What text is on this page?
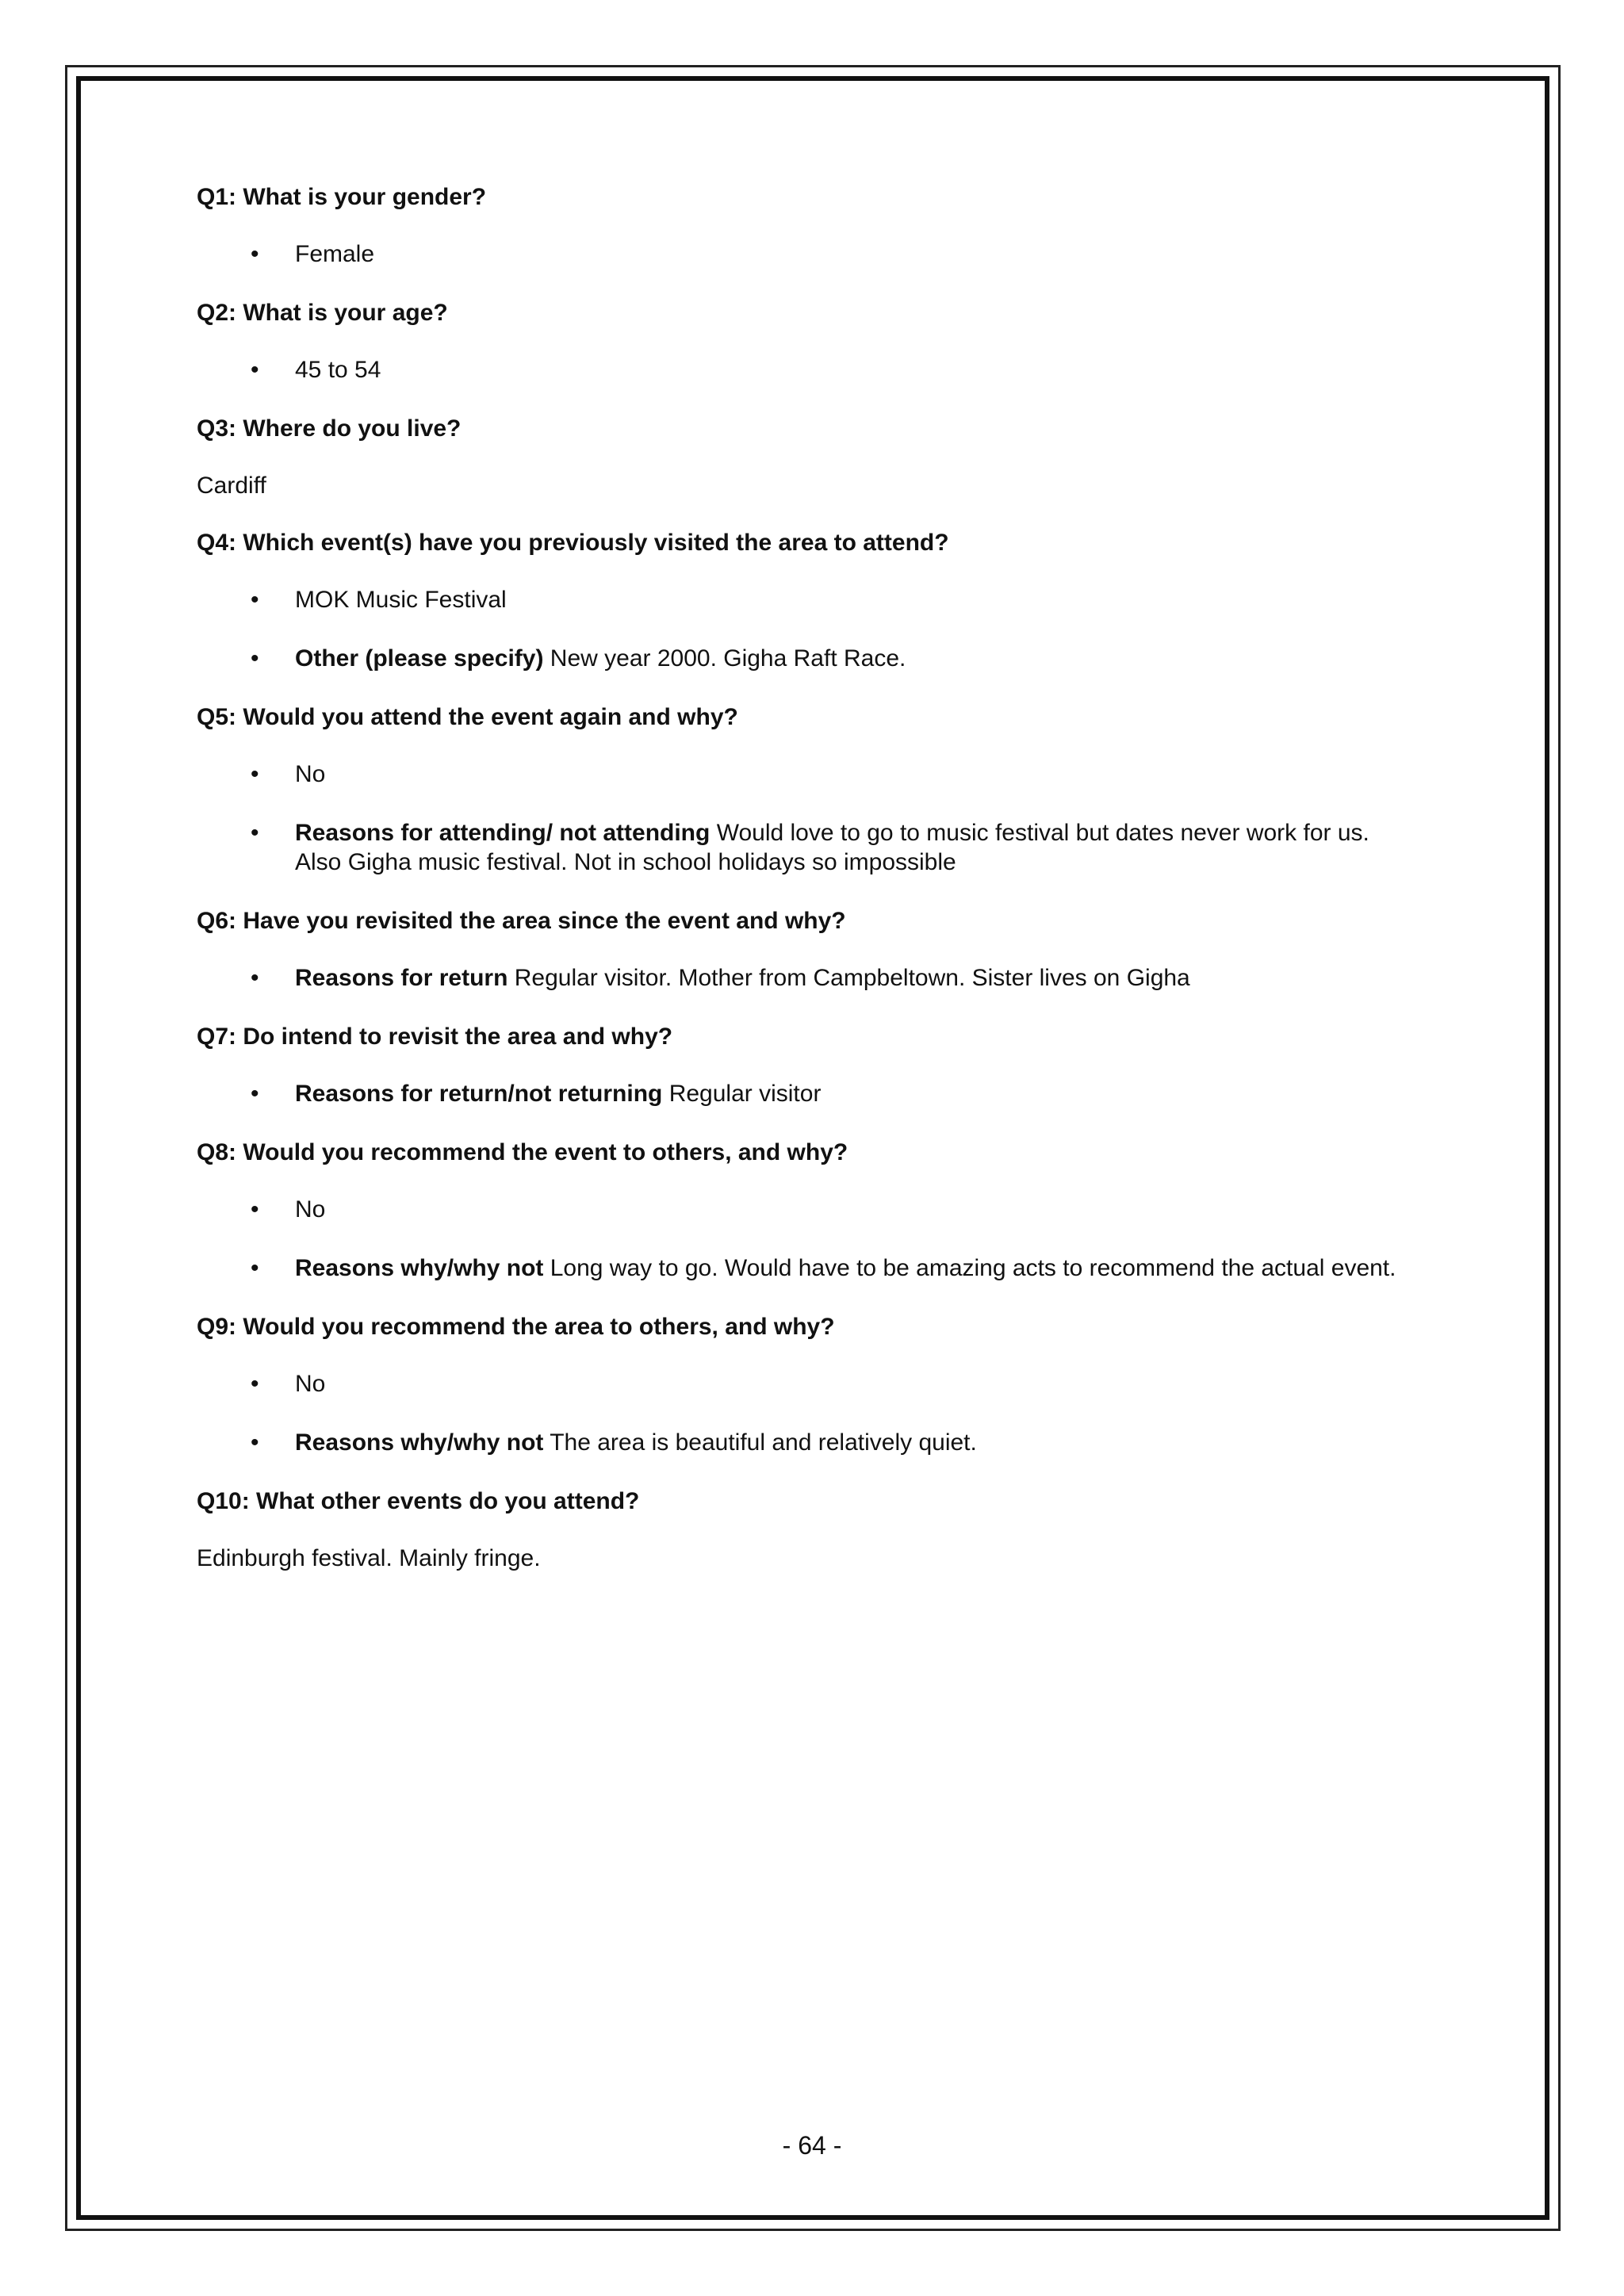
Q1: What is your gender?
• Female
Q2: What is your age?
• 45 to 54
Q3: Where do you live?
Cardiff
Q4: Which event(s) have you previously visited the area to attend?
• MOK Music Festival
• Other (please specify) New year 2000. Gigha Raft Race.
Q5: Would you attend the event again and why?
• No
• Reasons for attending/ not attending Would love to go to music festival but dates never work for us. Also Gigha music festival. Not in school holidays so impossible
Q6: Have you revisited the area since the event and why?
• Reasons for return Regular visitor. Mother from Campbeltown. Sister lives on Gigha
Q7: Do intend to revisit the area and why?
• Reasons for return/not returning Regular visitor
Q8: Would you recommend the event to others, and why?
• No
• Reasons why/why not Long way to go. Would have to be amazing acts to recommend the actual event.
Q9: Would you recommend the area to others, and why?
• No
• Reasons why/why not The area is beautiful and relatively quiet.
Q10: What other events do you attend?
Edinburgh festival. Mainly fringe.
- 64 -
